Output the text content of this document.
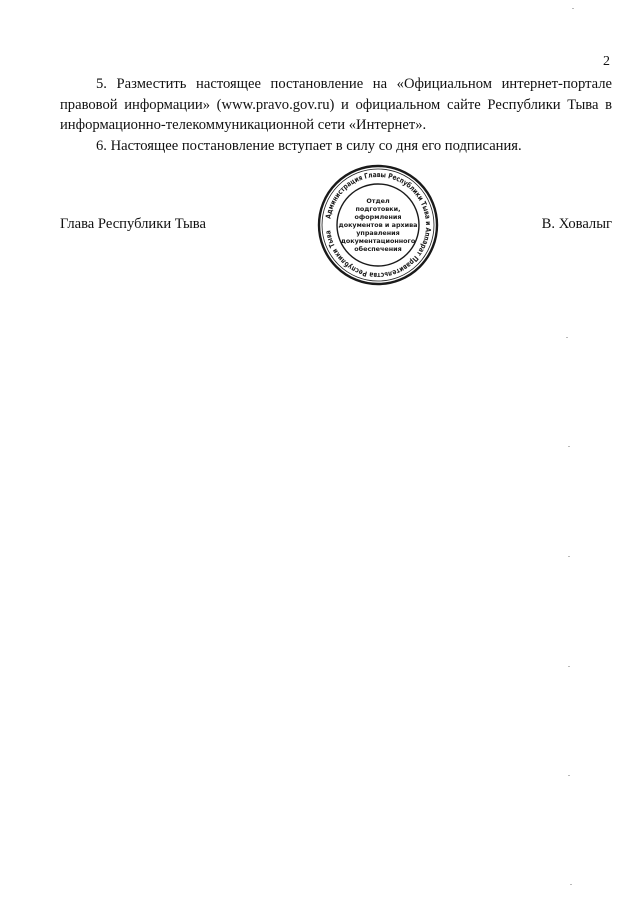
2

5. Разместить настоящее постановление на «Официальном интернет-портале правовой информации» (www.pravo.gov.ru) и официальном сайте Республики Тыва в информационно-телекоммуникационной сети «Интернет».

6. Настоящее постановление вступает в силу со дня его подписания.

Глава Республики Тыва	В. Ховалыг
Администрация Главы Республики Тыва и Аппарат Правительства Республики Тыва
Отдел
подготовки,
оформления
документов и архива
управления
документационного
обеспечения
